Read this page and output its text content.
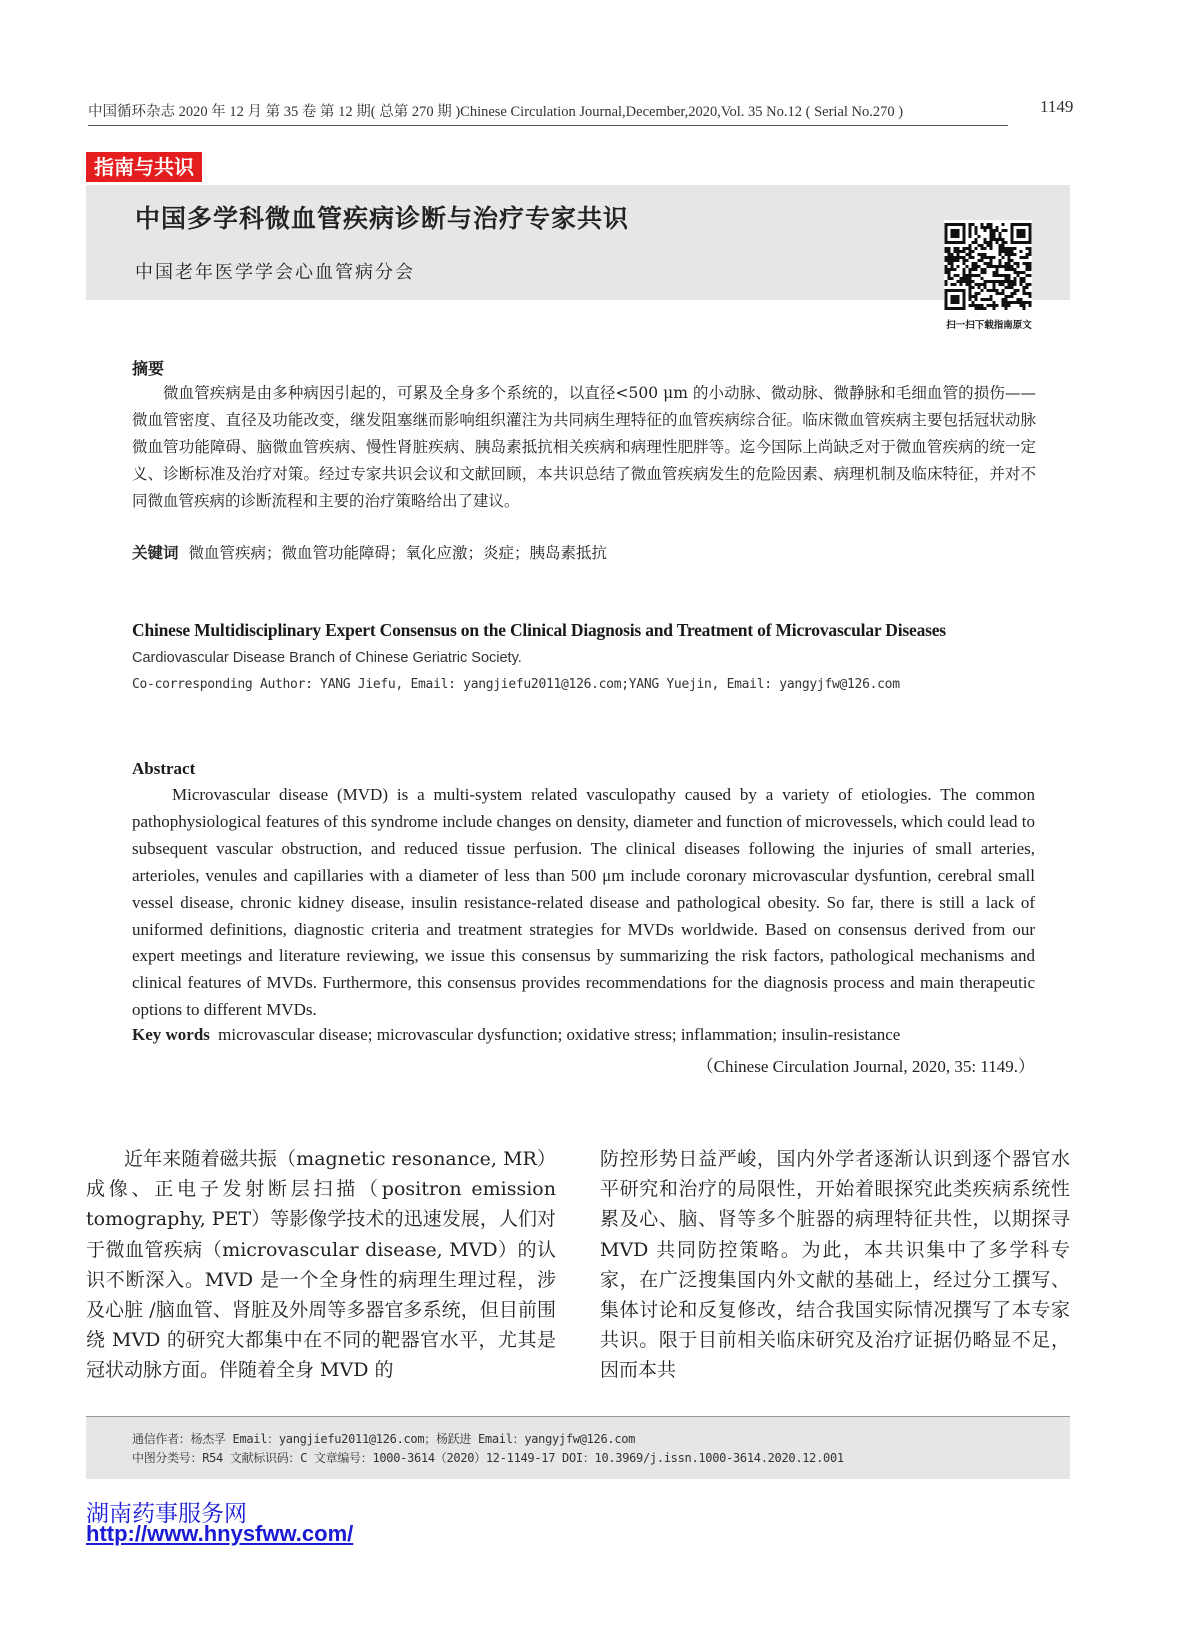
中国循环杂志 2020 年 12 月 第 35 卷 第 12 期( 总第 270 期 )Chinese Circulation Journal,December,2020,Vol. 35 No.12 ( Serial No.270 )	1149
指南与共识
中国多学科微血管疾病诊断与治疗专家共识
中国老年医学学会心血管病分会
扫一扫下载指南原文
摘要
微血管疾病是由多种病因引起的，可累及全身多个系统的，以直径<500 μm 的小动脉、微动脉、微静脉和毛细血管的损伤——微血管密度、直径及功能改变，继发阻塞继而影响组织灌注为共同病生理特征的血管疾病综合征。临床微血管疾病主要包括冠状动脉微血管功能障碍、脑微血管疾病、慢性肾脏疾病、胰岛素抵抗相关疾病和病理性肥胖等。迄今国际上尚缺乏对于微血管疾病的统一定义、诊断标准及治疗对策。经过专家共识会议和文献回顾，本共识总结了微血管疾病发生的危险因素、病理机制及临床特征，并对不同微血管疾病的诊断流程和主要的治疗策略给出了建议。
关键词 微血管疾病；微血管功能障碍；氧化应激；炎症；胰岛素抵抗
Chinese Multidisciplinary Expert Consensus on the Clinical Diagnosis and Treatment of Microvascular Diseases
Cardiovascular Disease Branch of Chinese Geriatric Society.
Co-corresponding Author: YANG Jiefu, Email: yangjiefu2011@126.com;YANG Yuejin, Email: yangyjfw@126.com
Abstract
Microvascular disease (MVD) is a multi-system related vasculopathy caused by a variety of etiologies. The common pathophysiological features of this syndrome include changes on density, diameter and function of microvessels, which could lead to subsequent vascular obstruction, and reduced tissue perfusion. The clinical diseases following the injuries of small arteries, arterioles, venules and capillaries with a diameter of less than 500 μm include coronary microvascular dysfuntion, cerebral small vessel disease, chronic kidney disease, insulin resistance-related disease and pathological obesity. So far, there is still a lack of uniformed definitions, diagnostic criteria and treatment strategies for MVDs worldwide. Based on consensus derived from our expert meetings and literature reviewing, we issue this consensus by summarizing the risk factors, pathological mechanisms and clinical features of MVDs. Furthermore, this consensus provides recommendations for the diagnosis process and main therapeutic options to different MVDs.
Key words microvascular disease; microvascular dysfunction; oxidative stress; inflammation; insulin-resistance
（Chinese Circulation Journal, 2020, 35: 1149.）
近年来随着磁共振（magnetic resonance, MR）成像、正电子发射断层扫描（positron emission tomography, PET）等影像学技术的迅速发展，人们对于微血管疾病（microvascular disease, MVD）的认识不断深入。MVD 是一个全身性的病理生理过程，涉及心脏 /脑血管、肾脏及外周等多器官多系统，但目前围绕 MVD 的研究大都集中在不同的靶器官水平，尤其是冠状动脉方面。伴随着全身 MVD 的
防控形势日益严峻，国内外学者逐渐认识到逐个器官水平研究和治疗的局限性，开始着眼探究此类疾病系统性累及心、脑、肾等多个脏器的病理特征共性，以期探寻 MVD 共同防控策略。为此，本共识集中了多学科专家，在广泛搜集国内外文献的基础上，经过分工撰写、集体讨论和反复修改，结合我国实际情况撰写了本专家共识。限于目前相关临床研究及治疗证据仍略显不足，因而本共
通信作者：杨杰孚 Email：yangjiefu2011@126.com；杨跃进 Email：yangyjfw@126.com
中图分类号：R54 文献标识码：C 文章编号：1000-3614（2020）12-1149-17 DOI：10.3969/j.issn.1000-3614.2020.12.001
湖南药事服务网
http://www.hnysfww.com/
